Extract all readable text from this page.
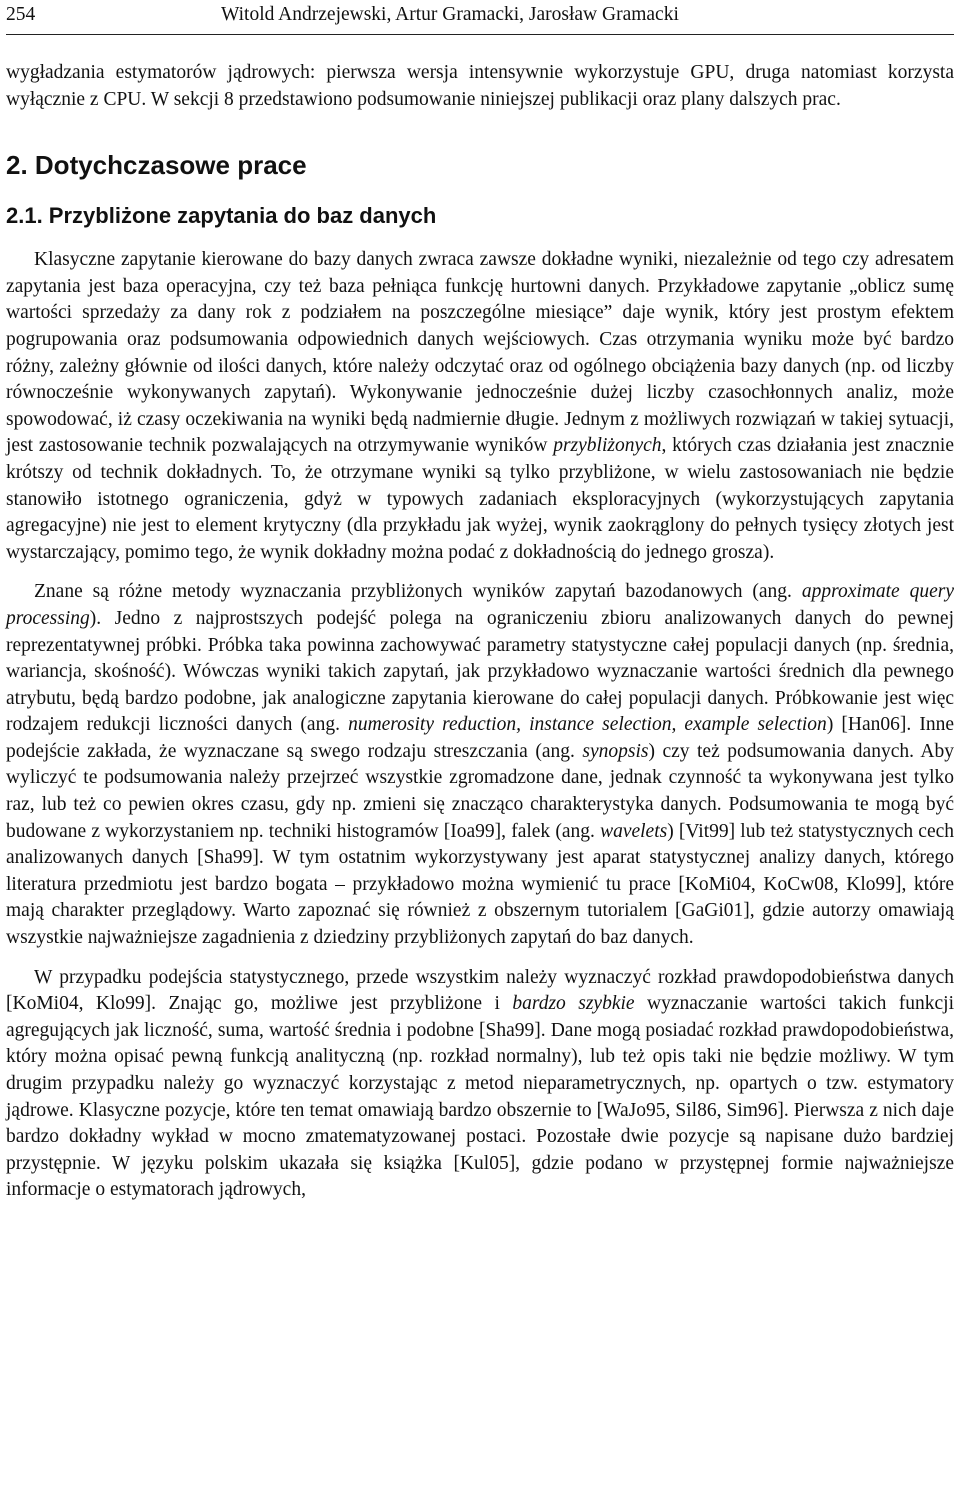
254	Witold Andrzejewski, Artur Gramacki, Jarosław Gramacki

wygładzania estymatorów jądrowych: pierwsza wersja intensywnie wykorzystuje GPU, druga natomiast korzysta wyłącznie z CPU. W sekcji 8 przedstawiono podsumowanie niniejszej publikacji oraz plany dalszych prac.

2. Dotychczasowe prace
2.1. Przybliżone zapytania do baz danych

Klasyczne zapytanie kierowane do bazy danych zwraca zawsze dokładne wyniki, niezależnie od tego czy adresatem zapytania jest baza operacyjna, czy też baza pełniąca funkcję hurtowni danych. Przykładowe zapytanie „oblicz sumę wartości sprzedaży za dany rok z podziałem na poszczególne miesiące” daje wynik, który jest prostym efektem pogrupowania oraz podsumowania odpowiednich danych wejściowych. Czas otrzymania wyniku może być bardzo różny, zależny głównie od ilości danych, które należy odczytać oraz od ogólnego obciążenia bazy danych (np. od liczby równocześnie wykonywanych zapytań). Wykonywanie jednocześnie dużej liczby czasochłonnych analiz, może spowodować, iż czasy oczekiwania na wyniki będą nadmiernie długie. Jednym z możliwych rozwiązań w takiej sytuacji, jest zastosowanie technik pozwalających na otrzymywanie wyników przybliżonych, których czas działania jest znacznie krótszy od technik dokładnych. To, że otrzymane wyniki są tylko przybliżone, w wielu zastosowaniach nie będzie stanowiło istotnego ograniczenia, gdyż w typowych zadaniach eksploracyjnych (wykorzystujących zapytania agregacyjne) nie jest to element krytyczny (dla przykładu jak wyżej, wynik zaokrąglony do pełnych tysięcy złotych jest wystarczający, pomimo tego, że wynik dokładny można podać z dokładnością do jednego grosza).

Znane są różne metody wyznaczania przybliżonych wyników zapytań bazodanowych (ang. approximate query processing). Jedno z najprostszych podejść polega na ograniczeniu zbioru analizowanych danych do pewnej reprezentatywnej próbki. Próbka taka powinna zachowywać parametry statystyczne całej populacji danych (np. średnia, wariancja, skośność). Wówczas wyniki takich zapytań, jak przykładowo wyznaczanie wartości średnich dla pewnego atrybutu, będą bardzo podobne, jak analogiczne zapytania kierowane do całej populacji danych. Próbkowanie jest więc rodzajem redukcji liczności danych (ang. numerosity reduction, instance selection, example selection) [Han06]. Inne podejście zakłada, że wyznaczane są swego rodzaju streszczania (ang. synopsis) czy też podsumowania danych. Aby wyliczyć te podsumowania należy przejrzeć wszystkie zgromadzone dane, jednak czynność ta wykonywana jest tylko raz, lub też co pewien okres czasu, gdy np. zmieni się znacząco charakterystyka danych. Podsumowania te mogą być budowane z wykorzystaniem np. techniki histogramów [Ioa99], falek (ang. wavelets) [Vit99] lub też statystycznych cech analizowanych danych [Sha99]. W tym ostatnim wykorzystywany jest aparat statystycznej analizy danych, którego literatura przedmiotu jest bardzo bogata – przykładowo można wymienić tu prace [KoMi04, KoCw08, Klo99], które mają charakter przeglądowy. Warto zapoznać się również z obszernym tutorialem [GaGi01], gdzie autorzy omawiają wszystkie najważniejsze zagadnienia z dziedziny przybliżonych zapytań do baz danych.

W przypadku podejścia statystycznego, przede wszystkim należy wyznaczyć rozkład prawdopodobieństwa danych [KoMi04, Klo99]. Znając go, możliwe jest przybliżone i bardzo szybkie wyznaczanie wartości takich funkcji agregujących jak liczność, suma, wartość średnia i podobne [Sha99]. Dane mogą posiadać rozkład prawdopodobieństwa, który można opisać pewną funkcją analityczną (np. rozkład normalny), lub też opis taki nie będzie możliwy. W tym drugim przypadku należy go wyznaczyć korzystając z metod nieparametrycznych, np. opartych o tzw. estymatory jądrowe. Klasyczne pozycje, które ten temat omawiają bardzo obszernie to [WaJo95, Sil86, Sim96]. Pierwsza z nich daje bardzo dokładny wykład w mocno zmatematyzowanej postaci. Pozostałe dwie pozycje są napisane dużo bardziej przystępnie. W języku polskim ukazała się książka [Kul05], gdzie podano w przystępnej formie najważniejsze informacje o estymatorach jądrowych,
